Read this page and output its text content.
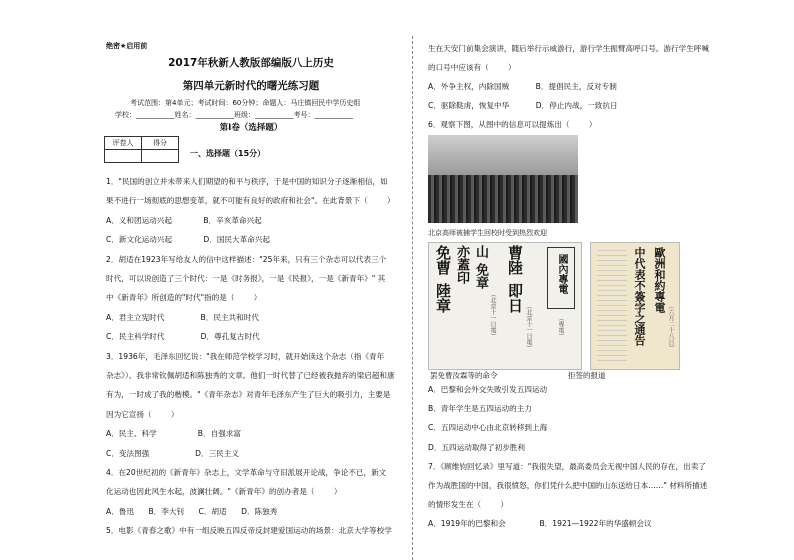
绝密★启用前
2017年秋新人教版部编版八上历史
第四单元新时代的曙光练习题
考试范围：第4单元；考试时间：60分钟；命题人：马庄镇回民中学历史组
学校：___________姓名：___________班级：___________考号：___________
第I卷（选择题）
评卷人	得分

一、选择题（15分）
1．"民国的创立并未带来人们期望的和平与秩序，于是中国的知识分子逐渐相信，如
果不进行一场彻底的思想变革，就不可能有良好的政府和社会"。在此背景下（        ）
A．义和团运动兴起             B．辛亥革命兴起
C．新文化运动兴起             D．国民大革命兴起
2．胡适在1923年写给友人的信中这样描述："25年来，只有三个杂志可以代表三个
时代，可以说创造了三个时代：一是《时务报》，一是《民报》，一是《新青年》" 其
中《新青年》所创造的"时代"指的是（        ）
A．君主立宪时代               B．民主共和时代
C．民主科学时代               D．尊孔复古时代
3．1936年，毛泽东回忆说："我在师范学校学习时，就开始读这个杂志（指《青年
杂志》）。我非常钦佩胡适和陈独秀的文章。他们一时代替了已经被我抛弃的梁启超和康
有为，一时成了我的楷模。"《青年杂志》对青年毛泽东产生了巨大的吸引力，主要是
因为它宣扬（        ）
A．民主、科学                 B．自强求富
C．变法图强                   D．三民主义
4．在20世纪初的《新青年》杂志上，文学革命与守旧派展开论战，争论不已，新文
化运动也因此风生水起，波澜壮阔。"《新青年》的创办者是（        ）
A．鲁迅      B．李大钊      C．胡适      D．陈独秀
5．电影《青春之歌》中有一组反映五四反帝反封建爱国运动的场景：北京大学等校学
生在天安门前集会演讲，随后举行示威游行，游行学生振臂高呼口号。游行学生呼喊
的口号中应该有（        ）
A．外争主权，内除国贼           B．提倡民主，反对专制
C．驱除鞑虏，恢复中华           D．停止内战，一致抗日
6．观察下图，从图中的信息可以提炼出（        ）
北京高师被捕学生回校时受到热烈欢迎
免曹
陸章
亦蓋印 山
免章
（北京十一日電）
曹陸
即日
（北京十一日電）
國內專電
（專電）	中代表不簽字之通告 歐洲和約專電
（六月二十八日）
罢免曹汝霖等的命令	拒签的报道
A．巴黎和会外交失败引发五四运动
B．青年学生是五四运动的主力
C．五四运动中心由北京转移到上海
D．五四运动取得了初步胜利
7．《顾维钧回忆录》里写道："我很失望，最高委员会无视中国人民的存在，出卖了
作为战胜国的中国，我很愤怒，你们凭什么把中国的山东送给日本……" 材料所描述
的情形发生在（        ）
A．1919年的巴黎和会              B．1921—1922年的华盛顿会议
